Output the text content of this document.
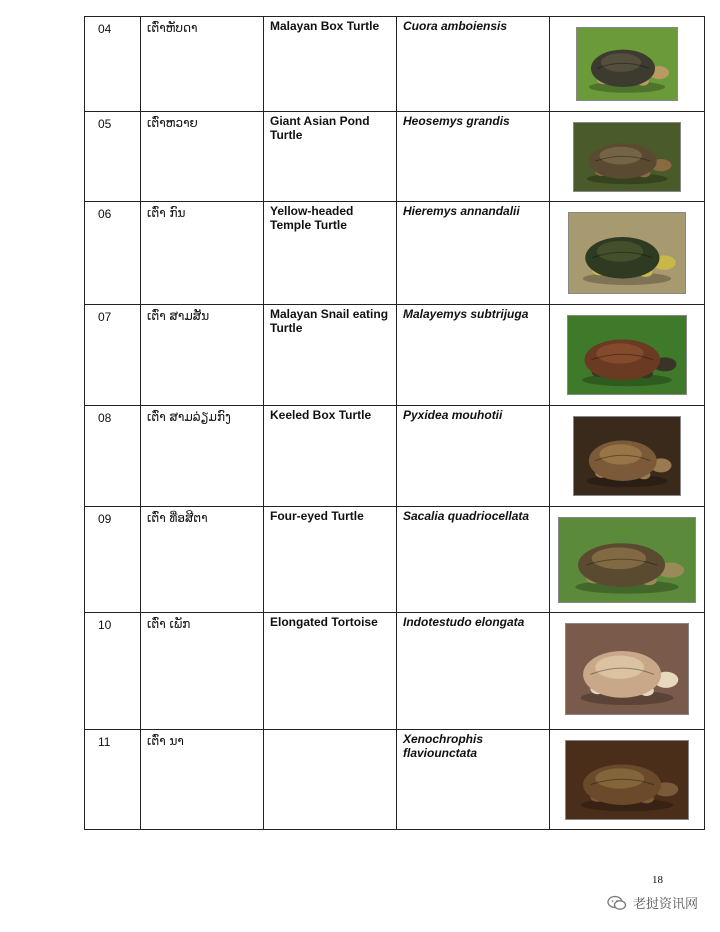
04	ເຕົ່າຫັບດາ	Malayan Box Turtle	Cuora amboiensis	

05	ເຕົ່າຫວາຍ	Giant Asian Pond Turtle	Heosemys grandis	

06	ເຕົ່າ ກົນ	Yellow-headed Temple Turtle	Hieremys annandalii	

07	ເຕົ່າ ສາມສັນ	Malayan Snail eating Turtle	Malayemys subtrijuga	

08	ເຕົ່າ ສາມລ່ຽມກົງ	Keeled Box Turtle	Pyxidea mouhotii	

09	ເຕົ່າ ທີ່ອສີຕາ	Four-eyed Turtle	Sacalia quadriocellata	

10	ເຕົ່າ ເພັກ	Elongated Tortoise	Indotestudo elongata	

11	ເຕົ່າ ນາ		Xenochrophis flaviounctata	
18
老挝资讯网
